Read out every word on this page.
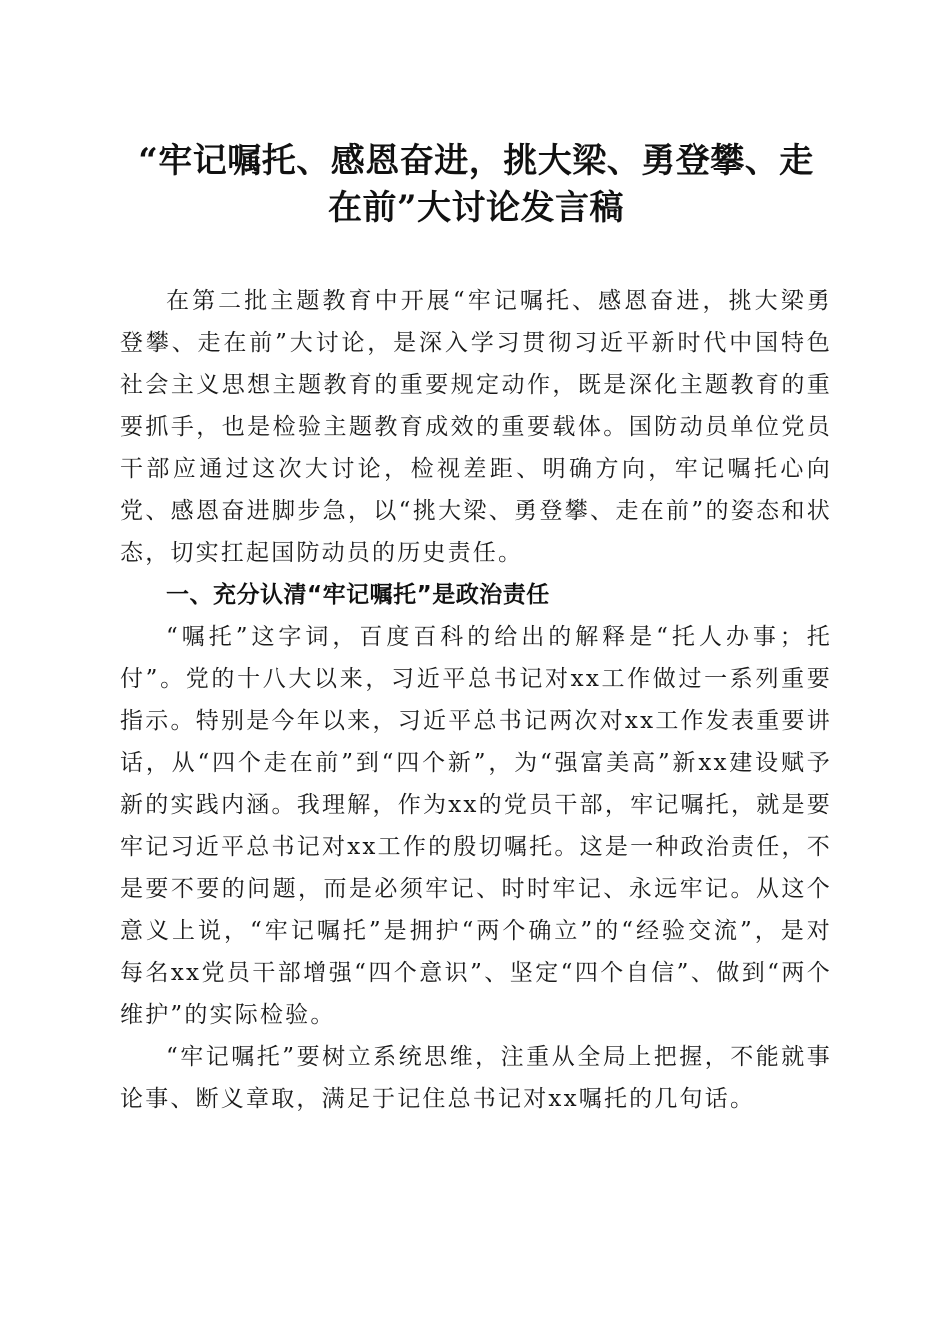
“牢记嘱托、感恩奋进，挑大梁、勇登攀、走
在前”大讨论发言稿

在第二批主题教育中开展“牢记嘱托、感恩奋进，挑大梁勇登攀、走在前”大讨论，是深入学习贯彻习近平新时代中国特色社会主义思想主题教育的重要规定动作，既是深化主题教育的重要抓手，也是检验主题教育成效的重要载体。国防动员单位党员干部应通过这次大讨论，检视差距、明确方向，牢记嘱托心向党、感恩奋进脚步急，以“挑大梁、勇登攀、走在前”的姿态和状态，切实扛起国防动员的历史责任。

一、充分认清“牢记嘱托”是政治责任

“嘱托”这字词，百度百科的给出的解释是“托人办事；托付”。党的十八大以来，习近平总书记对xx工作做过一系列重要指示。特别是今年以来，习近平总书记两次对xx工作发表重要讲话，从“四个走在前”到“四个新”，为“强富美高”新xx建设赋予新的实践内涵。我理解，作为xx的党员干部，牢记嘱托，就是要牢记习近平总书记对xx工作的殷切嘱托。这是一种政治责任，不是要不要的问题，而是必须牢记、时时牢记、永远牢记。从这个意义上说，“牢记嘱托”是拥护“两个确立”的“经验交流”，是对每名xx党员干部增强“四个意识”、坚定“四个自信”、做到“两个维护”的实际检验。

“牢记嘱托”要树立系统思维，注重从全局上把握，不能就事论事、断义章取，满足于记住总书记对xx嘱托的几句话。
